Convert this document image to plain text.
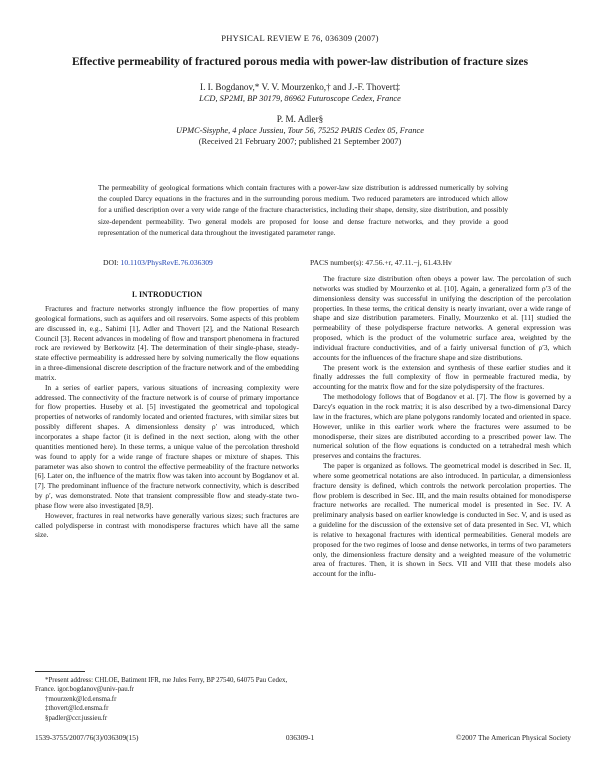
PHYSICAL REVIEW E 76, 036309 (2007)
Effective permeability of fractured porous media with power-law distribution of fracture sizes
I. I. Bogdanov,* V. V. Mourzenko,† and J.-F. Thovert‡
LCD, SP2MI, BP 30179, 86962 Futuroscope Cedex, France
P. M. Adler§
UPMC-Sisyphe, 4 place Jussieu, Tour 56, 75252 PARIS Cedex 05, France
(Received 21 February 2007; published 21 September 2007)
The permeability of geological formations which contain fractures with a power-law size distribution is addressed numerically by solving the coupled Darcy equations in the fractures and in the surrounding porous medium. Two reduced parameters are introduced which allow for a unified description over a very wide range of the fracture characteristics, including their shape, density, size distribution, and possibly size-dependent permeability. Two general models are proposed for loose and dense fracture networks, and they provide a good representation of the numerical data throughout the investigated parameter range.
DOI: 10.1103/PhysRevE.76.036309	PACS number(s): 47.56.+r, 47.11.−j, 61.43.Hv
I. INTRODUCTION

Fractures and fracture networks strongly influence the flow properties of many geological formations, such as aquifers and oil reservoirs. Some aspects of this problem are discussed in, e.g., Sahimi [1], Adler and Thovert [2], and the National Research Council [3]. Recent advances in modeling of flow and transport phenomena in fractured rock are reviewed by Berkowitz [4]. The determination of their single-phase, steady-state effective permeability is addressed here by solving numerically the flow equations in a three-dimensional discrete description of the fracture network and of the embedding matrix.

In a series of earlier papers, various situations of increasing complexity were addressed. The connectivity of the fracture network is of course of primary importance for flow properties. Huseby et al. [5] investigated the geometrical and topological properties of networks of randomly located and oriented fractures, with similar sizes but possibly different shapes. A dimensionless density ρ′ was introduced, which incorporates a shape factor (it is defined in the next section, along with the other quantities mentioned here). In these terms, a unique value of the percolation threshold was found to apply for a wide range of fracture shapes or mixture of shapes. This parameter was also shown to control the effective permeability of the fracture networks [6]. Later on, the influence of the matrix flow was taken into account by Bogdanov et al. [7]. The predominant influence of the fracture network connectivity, which is described by ρ′, was demonstrated. Note that transient compressible flow and steady-state two-phase flow were also investigated [8,9].

However, fractures in real networks have generally various sizes; such fractures are called polydisperse in contrast with monodisperse fractures which have all the same size.

The fracture size distribution often obeys a power law. The percolation of such networks was studied by Mourzenko et al. [10]. Again, a generalized form ρ′3 of the dimensionless density was successful in unifying the description of the percolation properties. In these terms, the critical density is nearly invariant, over a wide range of shape and size distribution parameters. Finally, Mourzenko et al. [11] studied the permeability of these polydisperse fracture networks. A general expression was proposed, which is the product of the volumetric surface area, weighted by the individual fracture conductivities, and of a fairly universal function of ρ′3, which accounts for the influences of the fracture shape and size distributions.

The present work is the extension and synthesis of these earlier studies and it finally addresses the full complexity of flow in permeable fractured media, by accounting for the matrix flow and for the size polydispersity of the fractures.

The methodology follows that of Bogdanov et al. [7]. The flow is governed by a Darcy's equation in the rock matrix; it is also described by a two-dimensional Darcy law in the fractures, which are plane polygons randomly located and oriented in space. However, unlike in this earlier work where the fractures were assumed to be monodisperse, their sizes are distributed according to a prescribed power law. The numerical solution of the flow equations is conducted on a tetrahedral mesh which preserves and contains the fractures.

The paper is organized as follows. The geometrical model is described in Sec. II, where some geometrical notations are also introduced. In particular, a dimensionless fracture density is defined, which controls the network percolation properties. The flow problem is described in Sec. III, and the main results obtained for monodisperse fracture networks are recalled. The numerical model is presented in Sec. IV. A preliminary analysis based on earlier knowledge is conducted in Sec. V, and is used as a guideline for the discussion of the extensive set of data presented in Sec. VI, which is relative to hexagonal fractures with identical permeabilities. General models are proposed for the two regimes of loose and dense networks, in terms of two parameters only, the dimensionless fracture density and a weighted measure of the volumetric area of fractures. Then, it is shown in Secs. VII and VIII that these models also account for the influ-

*Present address: CHLOE, Batiment IFR, rue Jules Ferry, BP 27540, 64075 Pau Cedex, France. igor.bogdanov@univ-pau.fr
†mourzenk@lcd.ensma.fr
‡thovert@lcd.ensma.fr
§padler@ccr.jussieu.fr
1539-3755/2007/76(3)/036309(15)	036309-1	©2007 The American Physical Society
